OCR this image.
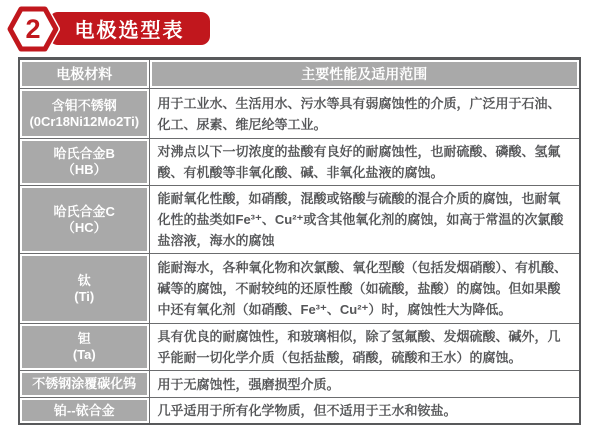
电极选型表
2
电极材料	主要性能及适用范围

含钼不锈钢
(0Cr18Ni12Mo2Ti)	用于工业水、生活用水、污水等具有弱腐蚀性的介质，广泛用于石油、化工、尿素、维尼纶等工业。

哈氏合金B
（HB）	对沸点以下一切浓度的盐酸有良好的耐腐蚀性，也耐硫酸、磷酸、氢氟酸、有机酸等非氧化酸、碱、非氧化盐液的腐蚀。

哈氏合金C
（HC）	能耐氧化性酸，如硝酸，混酸或铬酸与硫酸的混合介质的腐蚀，也耐氧化性的盐类如Fe³⁺、Cu²⁺或含其他氧化剂的腐蚀，如高于常温的次氯酸盐溶液，海水的腐蚀

钛
(Ti)	能耐海水，各种氧化物和次氯酸、氧化型酸（包括发烟硝酸）、有机酸、碱等的腐蚀，不耐较纯的还原性酸（如硫酸，盐酸）的腐蚀。但如果酸中还有氧化剂（如硝酸、Fe³⁺、Cu²⁺）时，腐蚀性大为降低。

钽
(Ta)	具有优良的耐腐蚀性，和玻璃相似，除了氢氟酸、发烟硫酸、碱外，几乎能耐一切化学介质（包括盐酸，硝酸，硫酸和王水）的腐蚀。

不锈钢涂覆碳化钨	用于无腐蚀性，强磨损型介质。

铂--铱合金	几乎适用于所有化学物质，但不适用于王水和铵盐。
